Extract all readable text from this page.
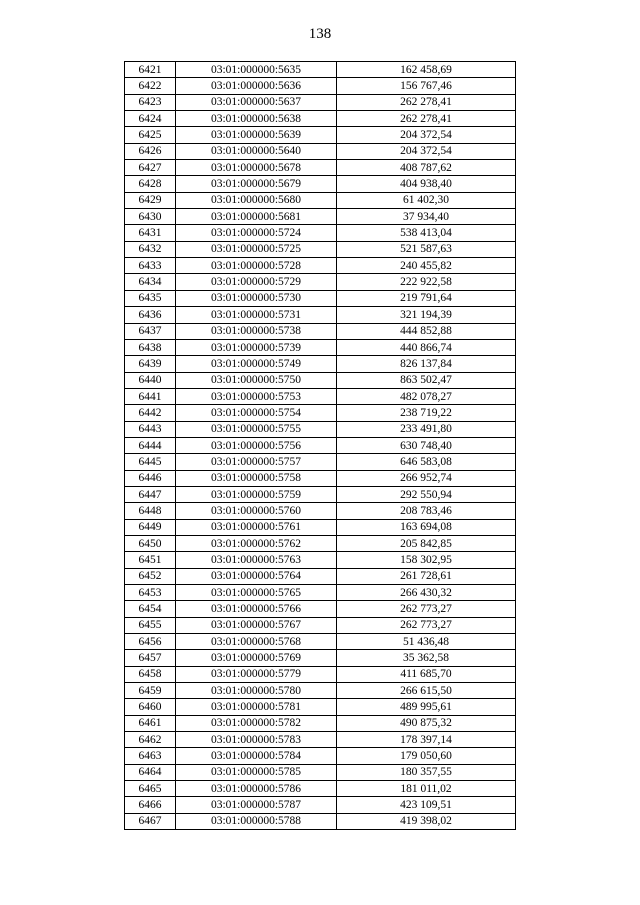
138
6421	03:01:000000:5635	162 458,69
6422	03:01:000000:5636	156 767,46
6423	03:01:000000:5637	262 278,41
6424	03:01:000000:5638	262 278,41
6425	03:01:000000:5639	204 372,54
6426	03:01:000000:5640	204 372,54
6427	03:01:000000:5678	408 787,62
6428	03:01:000000:5679	404 938,40
6429	03:01:000000:5680	61 402,30
6430	03:01:000000:5681	37 934,40
6431	03:01:000000:5724	538 413,04
6432	03:01:000000:5725	521 587,63
6433	03:01:000000:5728	240 455,82
6434	03:01:000000:5729	222 922,58
6435	03:01:000000:5730	219 791,64
6436	03:01:000000:5731	321 194,39
6437	03:01:000000:5738	444 852,88
6438	03:01:000000:5739	440 866,74
6439	03:01:000000:5749	826 137,84
6440	03:01:000000:5750	863 502,47
6441	03:01:000000:5753	482 078,27
6442	03:01:000000:5754	238 719,22
6443	03:01:000000:5755	233 491,80
6444	03:01:000000:5756	630 748,40
6445	03:01:000000:5757	646 583,08
6446	03:01:000000:5758	266 952,74
6447	03:01:000000:5759	292 550,94
6448	03:01:000000:5760	208 783,46
6449	03:01:000000:5761	163 694,08
6450	03:01:000000:5762	205 842,85
6451	03:01:000000:5763	158 302,95
6452	03:01:000000:5764	261 728,61
6453	03:01:000000:5765	266 430,32
6454	03:01:000000:5766	262 773,27
6455	03:01:000000:5767	262 773,27
6456	03:01:000000:5768	51 436,48
6457	03:01:000000:5769	35 362,58
6458	03:01:000000:5779	411 685,70
6459	03:01:000000:5780	266 615,50
6460	03:01:000000:5781	489 995,61
6461	03:01:000000:5782	490 875,32
6462	03:01:000000:5783	178 397,14
6463	03:01:000000:5784	179 050,60
6464	03:01:000000:5785	180 357,55
6465	03:01:000000:5786	181 011,02
6466	03:01:000000:5787	423 109,51
6467	03:01:000000:5788	419 398,02
